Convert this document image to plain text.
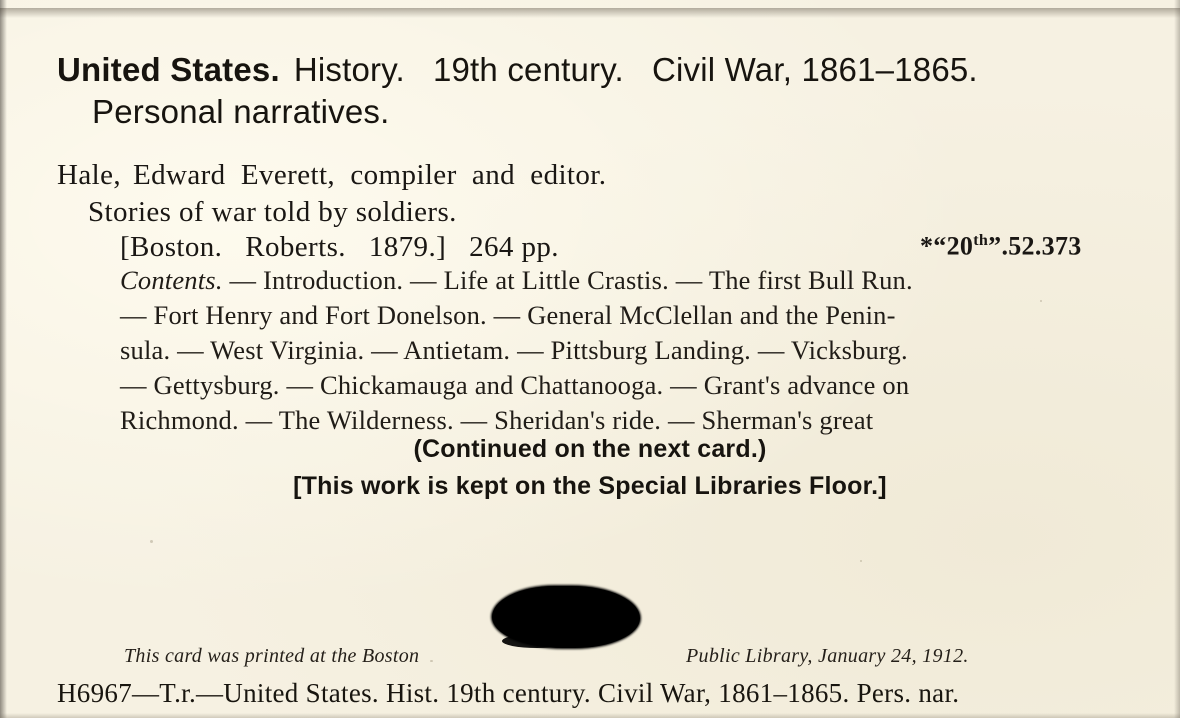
United States. History.   19th century.   Civil War, 1861–1865.
Personal narratives.
Hale, Edward  Everett,  compiler  and  editor.
Stories of war told by soldiers.
[Boston.   Roberts.   1879.]   264 pp.	*“20th”.52.373
Contents. — Introduction. — Life at Little Crastis. — The first Bull Run.
— Fort Henry and Fort Donelson. — General McClellan and the Penin-
sula. — West Virginia. — Antietam. — Pittsburg Landing. — Vicksburg.
— Gettysburg. — Chickamauga and Chattanooga. — Grant's advance on
Richmond. — The Wilderness. — Sheridan's ride. — Sherman's great
(Continued on the next card.)
[This work is kept on the Special Libraries Floor.]
This card was printed at the Boston	Public Library, January 24, 1912.
H6967—T.r.—United States. Hist. 19th century. Civil War, 1861–1865. Pers. nar.
